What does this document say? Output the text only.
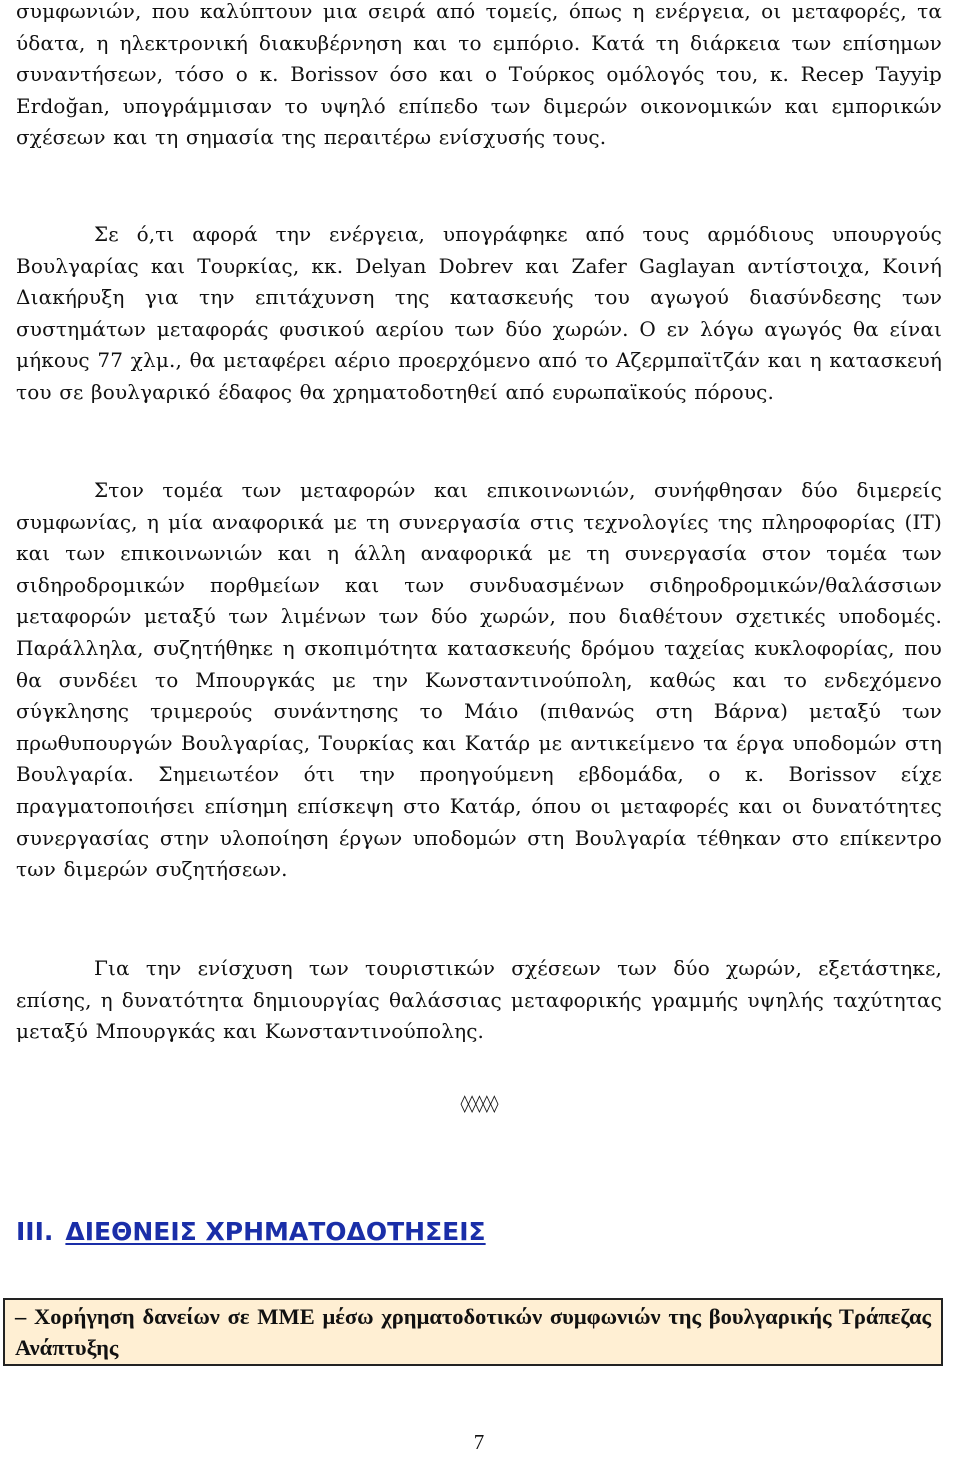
συμφωνιών, που καλύπτουν μια σειρά από τομείς, όπως η ενέργεια, οι μεταφορές, τα ύδατα, η ηλεκτρονική διακυβέρνηση και το εμπόριο. Κατά τη διάρκεια των επίσημων συναντήσεων, τόσο ο κ. Borissov όσο και ο Τούρκος ομόλογός του, κ. Recep Tayyip Erdoğan, υπογράμμισαν το υψηλό επίπεδο των διμερών οικονομικών και εμπορικών σχέσεων και τη σημασία της περαιτέρω ενίσχυσής τους.

Σε ό,τι αφορά την ενέργεια, υπογράφηκε από τους αρμόδιους υπουργούς Βουλγαρίας και Τουρκίας, κκ. Delyan Dobrev και Zafer Gaglayan αντίστοιχα, Κοινή Διακήρυξη για την επιτάχυνση της κατασκευής του αγωγού διασύνδεσης των συστημάτων μεταφοράς φυσικού αερίου των δύο χωρών. Ο εν λόγω αγωγός θα είναι μήκους 77 χλμ., θα μεταφέρει αέριο προερχόμενο από το Αζερμπαϊτζάν και η κατασκευή του σε βουλγαρικό έδαφος θα χρηματοδοτηθεί από ευρωπαϊκούς πόρους.

Στον τομέα των μεταφορών και επικοινωνιών, συνήφθησαν δύο διμερείς συμφωνίας, η μία αναφορικά με τη συνεργασία στις τεχνολογίες της πληροφορίας (IT) και των επικοινωνιών και η άλλη αναφορικά με τη συνεργασία στον τομέα των σιδηροδρομικών πορθμείων και των συνδυασμένων σιδηροδρομικών/θαλάσσιων μεταφορών μεταξύ των λιμένων των δύο χωρών, που διαθέτουν σχετικές υποδομές. Παράλληλα, συζητήθηκε η σκοπιμότητα κατασκευής δρόμου ταχείας κυκλοφορίας, που θα συνδέει το Μπουργκάς με την Κωνσταντινούπολη, καθώς και το ενδεχόμενο σύγκλησης τριμερούς συνάντησης το Μάιο (πιθανώς στη Βάρνα) μεταξύ των πρωθυπουργών Βουλγαρίας, Τουρκίας και Κατάρ με αντικείμενο τα έργα υποδομών στη Βουλγαρία. Σημειωτέον ότι την προηγούμενη εβδομάδα, ο κ. Borissov είχε πραγματοποιήσει επίσημη επίσκεψη στο Κατάρ, όπου οι μεταφορές και οι δυνατότητες συνεργασίας στην υλοποίηση έργων υποδομών στη Βουλγαρία τέθηκαν στο επίκεντρο των διμερών συζητήσεων.

Για την ενίσχυση των τουριστικών σχέσεων των δύο χωρών, εξετάστηκε, επίσης, η δυνατότητα δημιουργίας θαλάσσιας μεταφορικής γραμμής υψηλής ταχύτητας μεταξύ Μπουργκάς και Κωνσταντινούπολης.

◊◊◊◊◊
III. ΔΙΕΘΝΕΙΣ ΧΡΗΜΑΤΟΔΟΤΗΣΕΙΣ
– Χορήγηση δανείων σε ΜΜΕ μέσω χρηματοδοτικών συμφωνιών της βουλγαρικής Τράπεζας Ανάπτυξης
7
